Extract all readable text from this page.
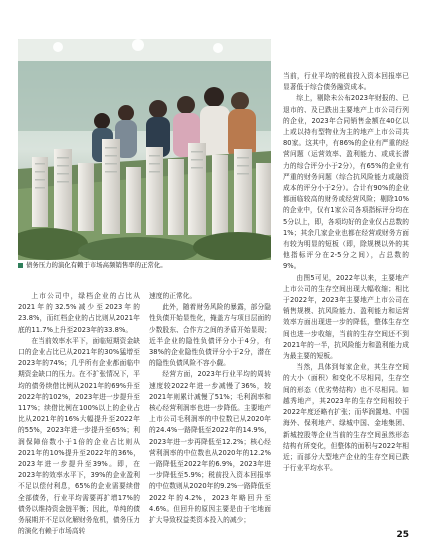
债务压力的演化有赖于市场高频销售率的正常化。

上市公司中，绿档企业的占比从2021年的32.5%减少至2023年的23.8%，而红档企业的占比则从2021年底的11.7%上升至2023年的33.8%。

在当前效率水平下，面临短期资金缺口的企业占比已从2021年的30%猛增至2023年的74%；几乎所有企业都面临中期资金缺口的压力。在不扩张情况下，平均的债务续借比例从2021年的69%升至2022年的102%，2023年进一步提升至117%；续借比例在100%以上的企业占比从2021年的16%大幅提升至2022年的55%，2023年进一步提升至65%；利润保障倍数小于1倍的企业占比则从2021年的10%提升至2022年的36%，2023年进一步提升至39%。即，在2023年的效率水平下，39%的企业盈利不足以偿付利息，65%的企业需要续借全部债务，行业平均需要再扩增17%的债务以维持资金链平衡；因此，单纯的债务展期并不足以化解财务危机，债务压力的演化有赖于市场高转

速度的正常化。

此外，随着财务风险的暴露，部分隐性负债开始显性化，掩盖方与项目层面的少数股东、合作方之间的矛盾开始显现；近半企业的隐性负债评分小于4分，有38%的企业隐性负债评分小于2分，潜在的隐性负债风险不容小觑。

经营方面，2023年行业平均的周转速度较2022年进一步减慢了36%，较2021年则累计减慢了51%；毛利润率和核心经营利润率也进一步降低。主要地产上市公司毛利润率的中位数已从2020年的24.4%一路降低至2022年的14.9%，2023年进一步再降低至12.2%；核心经营利润率的中位数也从2020年的12.2%一路降低至2022年的6.9%，2023年进一步降低至5.9%；税前投入资本回报率的中位数则从2020年的9.2%一路降低至2022年的4.2%，2023年略回升至4.6%。但回升的原因主要是由于宅地面扩大导致权益类资本投入的减少；

当前，行业平均的税前投入资本回报率已显著低于综合债务融资成本。

综上，剔除未公布2023年财报的、已退市的、及已跌出主要地产上市公司行列的企业，2023年合同销售金额在40亿以上或以持有型物业为主的地产上市公司共80家。这其中，有86%的企业有严重的经营问题（运营效率、盈利能力、或成长潜力的综合评分小于2分），有65%的企业有严重的财务问题（综合抗风险能力或融资成本的评分小于2分）。合计有90%的企业都面临较高的财务或经营风险；剔除10%的企业中，仅有1家公司各项指标评分均在5分以上，即，各项均好的企业仅占总数的1%；其余几家企业也都在经营或财务方面有较为明显的短板（即，除规模以外的其他指标评分在2-5分之间），占总数的9%。

由图5可见，2022年以来，主要地产上市公司的生存空间出现大幅收缩；相比于2022年，2023年主要地产上市公司在销售规模、抗风险能力、盈利能力和运营效率方面出现进一步的降低，整体生存空间也进一步收缩，当前的生存空间还不到2021年的一半，抗风险能力和盈利能力成为最主要的短板。

当然，具体到每家企业，其生存空间的大小（面积）和变化不尽相同，生存空间的形态（优劣势结构）也不尽相同。如越秀地产，其2023年的生存空间相较于2022年度还略有扩张；而华润置地、中国海外、保利地产、绿城中国、金地集团、新城控股等企业当前的生存空间虽然形态结构有所变化，但整体的面积与2022年相近；而部分大型地产企业的生存空间已跌于行业平均水平。

25
